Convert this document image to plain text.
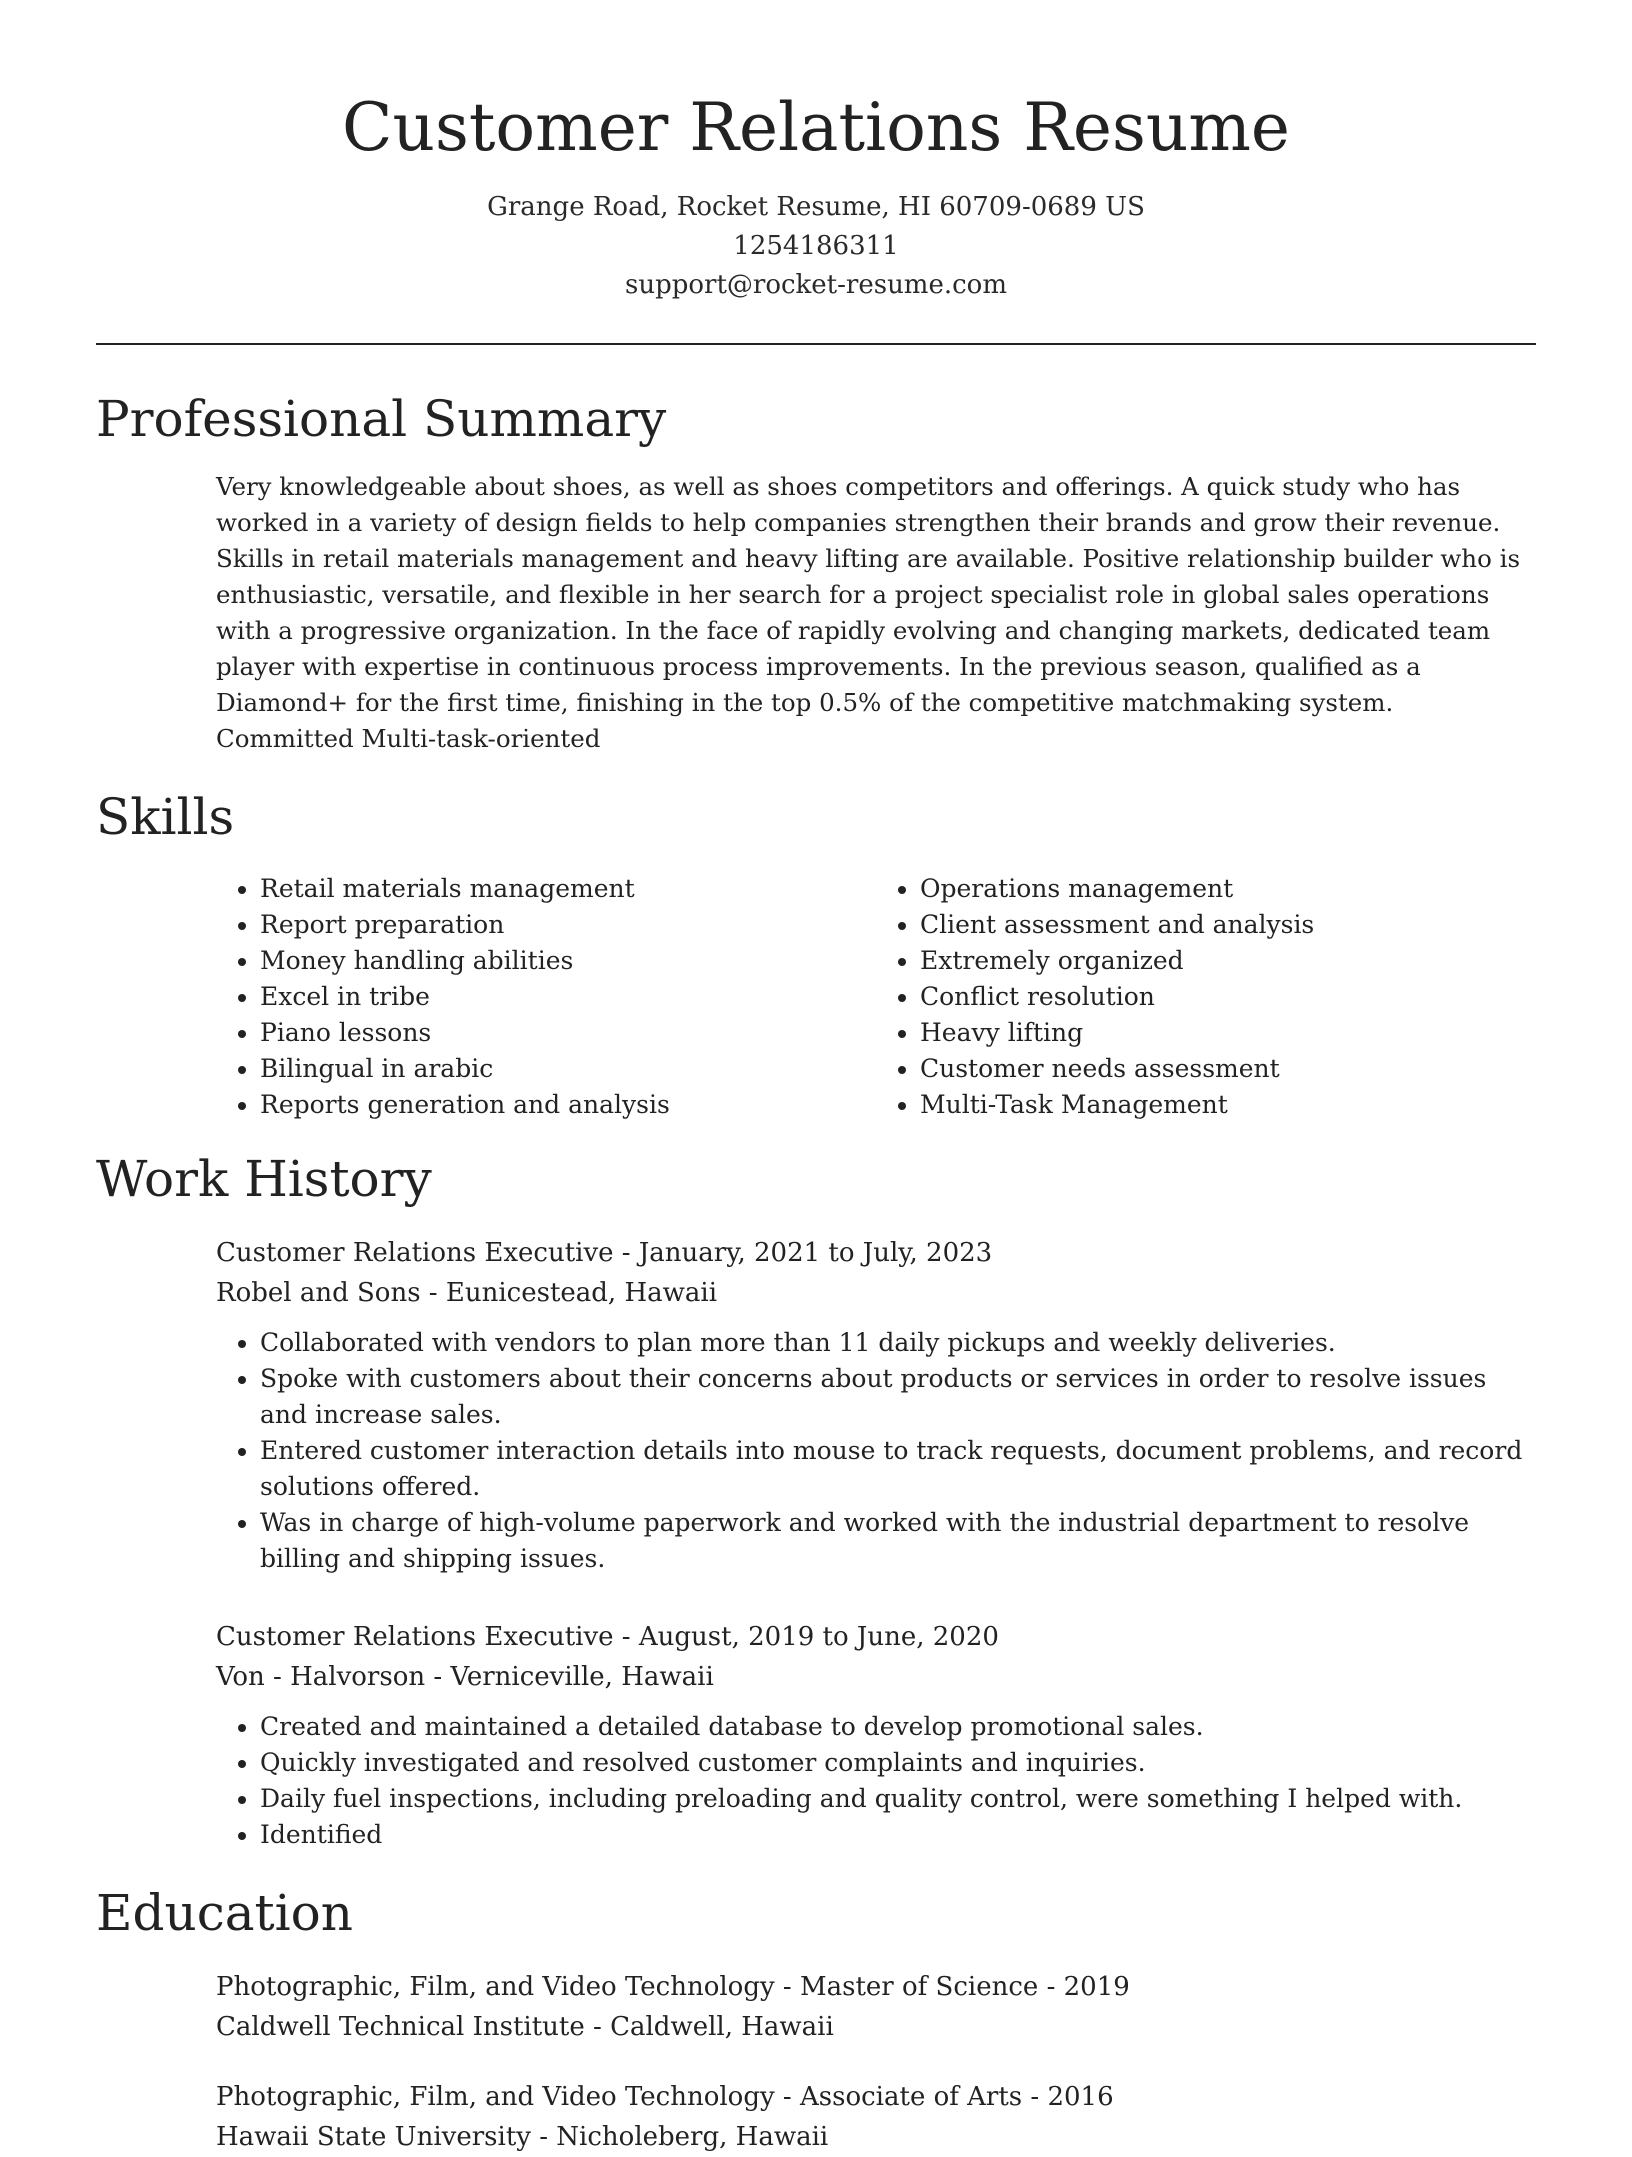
Customer Relations Resume
Grange Road, Rocket Resume, HI 60709-0689 US
1254186311
support@rocket-resume.com
Professional Summary

Very knowledgeable about shoes, as well as shoes competitors and offerings. A quick study who has worked in a variety of design fields to help companies strengthen their brands and grow their revenue. Skills in retail materials management and heavy lifting are available. Positive relationship builder who is enthusiastic, versatile, and flexible in her search for a project specialist role in global sales operations with a progressive organization. In the face of rapidly evolving and changing markets, dedicated team player with expertise in continuous process improvements. In the previous season, qualified as a Diamond+ for the first time, finishing in the top 0.5% of the competitive matchmaking system. Committed Multi-task-oriented

Skills
• Retail materials management
• Report preparation
• Money handling abilities
• Excel in tribe
• Piano lessons
• Bilingual in arabic
• Reports generation and analysis
• Operations management
• Client assessment and analysis
• Extremely organized
• Conflict resolution
• Heavy lifting
• Customer needs assessment
• Multi-Task Management
Work History
Customer Relations Executive - January, 2021 to July, 2023
Robel and Sons - Eunicestead, Hawaii
• Collaborated with vendors to plan more than 11 daily pickups and weekly deliveries.
• Spoke with customers about their concerns about products or services in order to resolve issues and increase sales.
• Entered customer interaction details into mouse to track requests, document problems, and record solutions offered.
• Was in charge of high-volume paperwork and worked with the industrial department to resolve billing and shipping issues.
Customer Relations Executive - August, 2019 to June, 2020
Von - Halvorson - Verniceville, Hawaii
• Created and maintained a detailed database to develop promotional sales.
• Quickly investigated and resolved customer complaints and inquiries.
• Daily fuel inspections, including preloading and quality control, were something I helped with.
• Identified
Education
Photographic, Film, and Video Technology - Master of Science - 2019
Caldwell Technical Institute - Caldwell, Hawaii
Photographic, Film, and Video Technology - Associate of Arts - 2016
Hawaii State University - Nicholeberg, Hawaii
